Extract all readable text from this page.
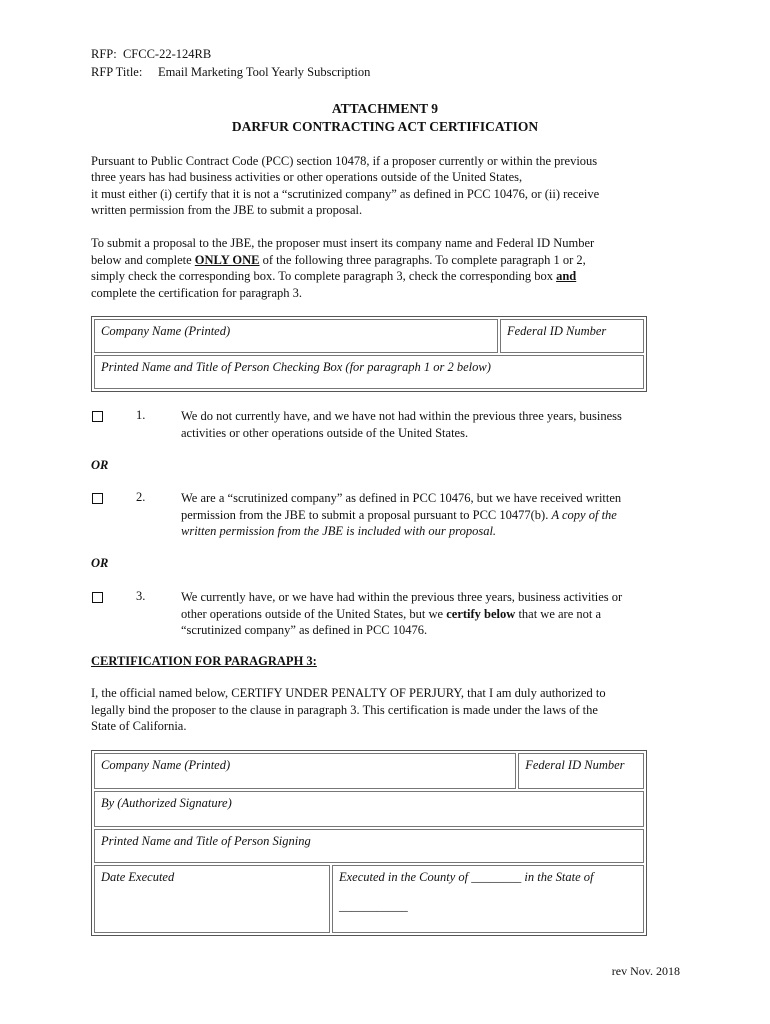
RFP: CFCC-22-124RB
RFP Title: Email Marketing Tool Yearly Subscription
ATTACHMENT 9
DARFUR CONTRACTING ACT CERTIFICATION
Pursuant to Public Contract Code (PCC) section 10478, if a proposer currently or within the previous
three years has had business activities or other operations outside of the United States,
it must either (i) certify that it is not a “scrutinized company” as defined in PCC 10476, or (ii) receive
written permission from the JBE to submit a proposal.
To submit a proposal to the JBE, the proposer must insert its company name and Federal ID Number
below and complete ONLY ONE of the following three paragraphs. To complete paragraph 1 or 2,
simply check the corresponding box. To complete paragraph 3, check the corresponding box and
complete the certification for paragraph 3.
Company Name (Printed)	Federal ID Number
Printed Name and Title of Person Checking Box (for paragraph 1 or 2 below)
1.	We do not currently have, and we have not had within the previous three years, business
activities or other operations outside of the United States.
OR
2.	We are a “scrutinized company” as defined in PCC 10476, but we have received written
permission from the JBE to submit a proposal pursuant to PCC 10477(b). A copy of the
written permission from the JBE is included with our proposal.
OR
3.	We currently have, or we have had within the previous three years, business activities or
other operations outside of the United States, but we certify below that we are not a
“scrutinized company” as defined in PCC 10476.
CERTIFICATION FOR PARAGRAPH 3:
I, the official named below, CERTIFY UNDER PENALTY OF PERJURY, that I am duly authorized to
legally bind the proposer to the clause in paragraph 3. This certification is made under the laws of the
State of California.
Company Name (Printed)		Federal ID Number
By (Authorized Signature)		
Printed Name and Title of Person Signing		
Date Executed	Executed in the County of ________ in the State of
___________	
rev Nov. 2018
